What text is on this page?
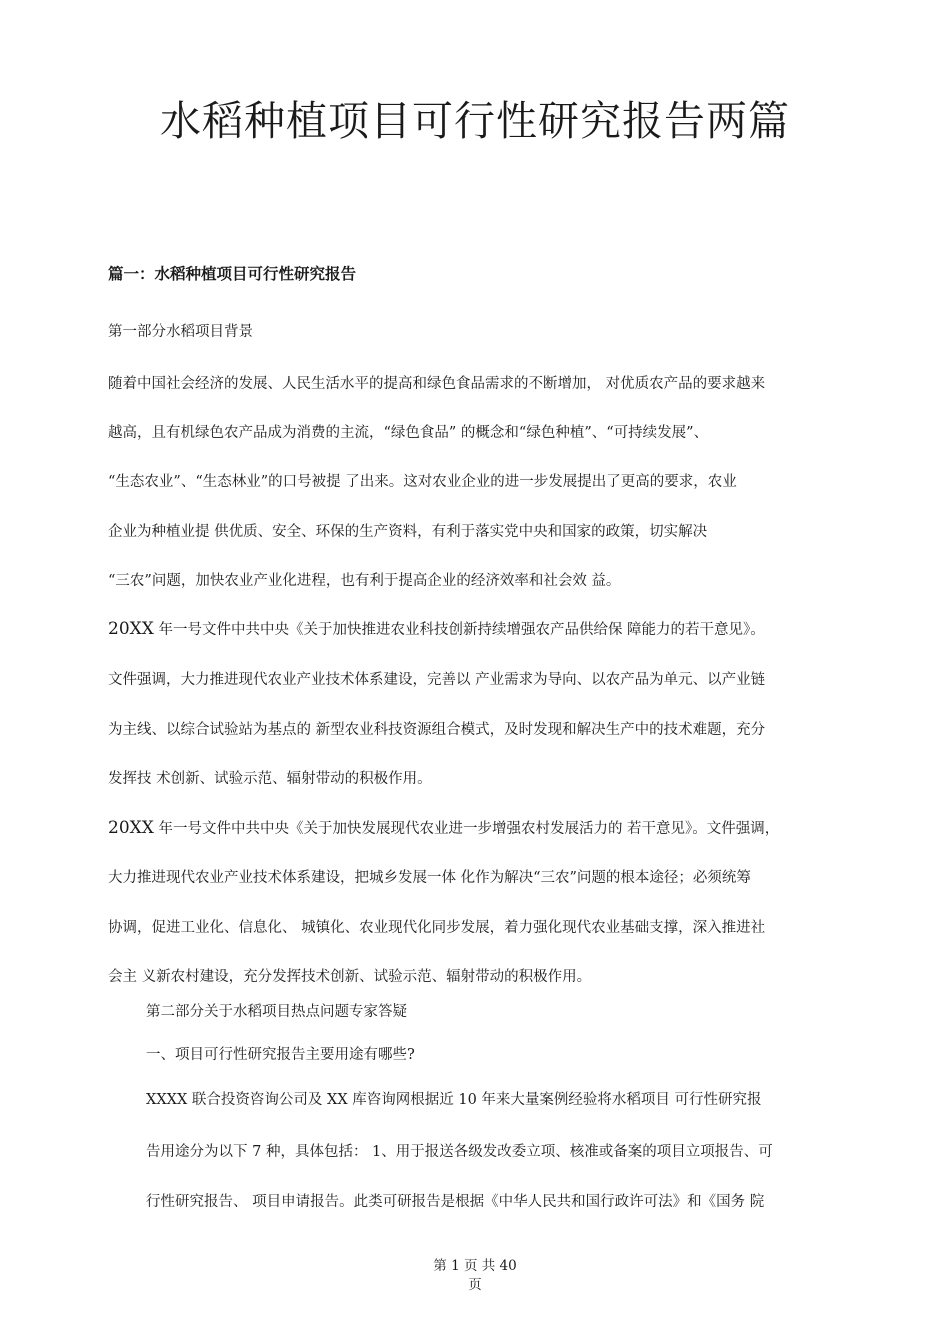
水稻种植项目可行性研究报告两篇
篇一：水稻种植项目可行性研究报告

第一部分水稻项目背景

随着中国社会经济的发展、人民生活水平的提高和绿色食品需求的不断增加， 对优质农产品的要求越来

越高，且有机绿色农产品成为消费的主流，“绿色食品” 的概念和“绿色种植”、“可持续发展”、

“生态农业”、“生态林业”的口号被提 了出来。这对农业企业的进一步发展提出了更高的要求，农业

企业为种植业提 供优质、安全、环保的生产资料，有利于落实党中央和国家的政策，切实解决

“三农”问题，加快农业产业化进程，也有利于提高企业的经济效率和社会效 益。

20XX 年一号文件中共中央《关于加快推进农业科技创新持续增强农产品供给保 障能力的若干意见》。

文件强调，大力推进现代农业产业技术体系建设，完善以 产业需求为导向、以农产品为单元、以产业链

为主线、以综合试验站为基点的 新型农业科技资源组合模式，及时发现和解决生产中的技术难题，充分

发挥技 术创新、试验示范、辐射带动的积极作用。

20XX 年一号文件中共中央《关于加快发展现代农业进一步增强农村发展活力的 若干意见》。文件强调，

大力推进现代农业产业技术体系建设，把城乡发展一体 化作为解决“三农”问题的根本途径；必须统筹

协调，促进工业化、信息化、 城镇化、农业现代化同步发展，着力强化现代农业基础支撑，深入推进社

会主 义新农村建设，充分发挥技术创新、试验示范、辐射带动的积极作用。

第二部分关于水稻项目热点问题专家答疑

一、项目可行性研究报告主要用途有哪些?

XXXX 联合投资咨询公司及 XX 库咨询网根据近 10 年来大量案例经验将水稻项目 可行性研究报

告用途分为以下 7 种，具体包括： 1、用于报送各级发改委立项、核准或备案的项目立项报告、可

行性研究报告、 项目申请报告。此类可研报告是根据《中华人民共和国行政许可法》和《国务 院

第 1 页 共 40
页
